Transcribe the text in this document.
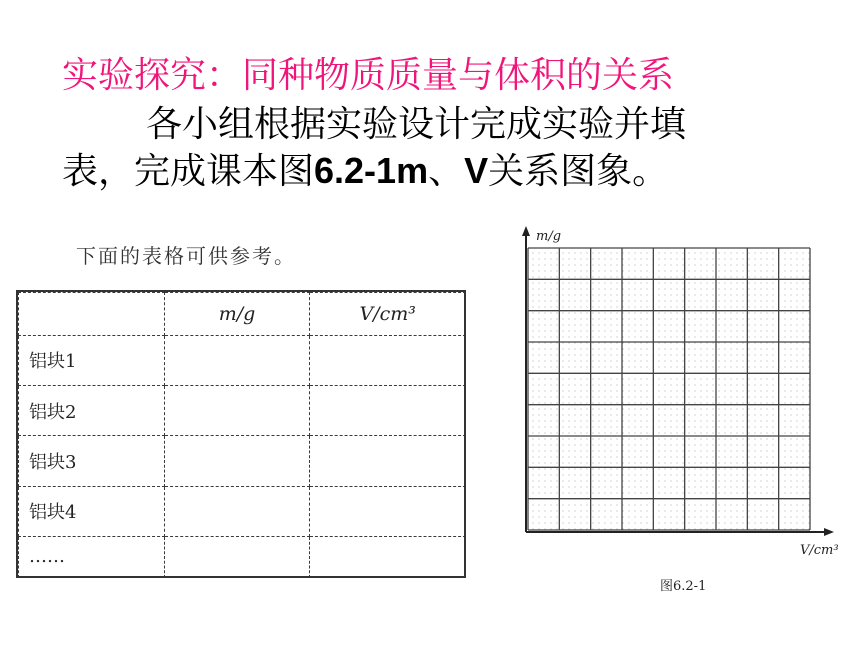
实验探究：同种物质质量与体积的关系
各小组根据实验设计完成实验并填
表，完成课本图6.2-1m、V关系图象。
下面的表格可供参考。
	m/g	V/cm³
铝块1		
铝块2		
铝块3		
铝块4		
……		
m/g
V/cm³
图6.2-1
